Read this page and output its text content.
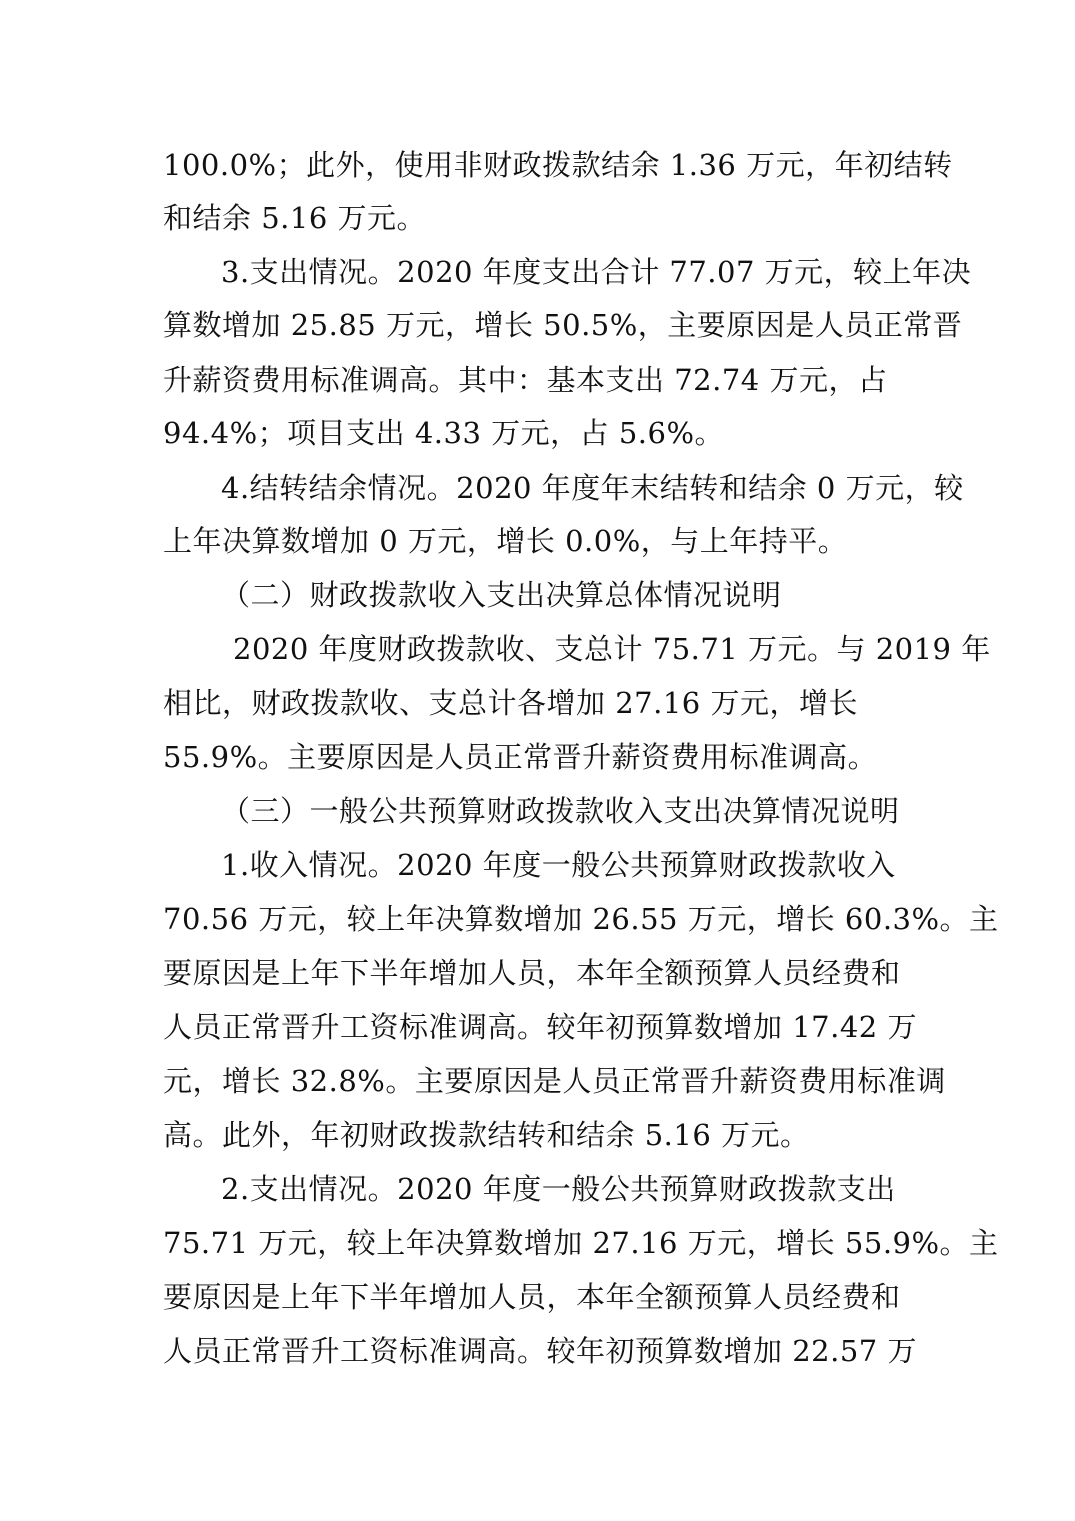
100.0%；此外，使用非财政拨款结余 1.36 万元，年初结转
和结余 5.16 万元。
3.支出情况。2020 年度支出合计 77.07 万元，较上年决
算数增加 25.85 万元，增长 50.5%，主要原因是人员正常晋
升薪资费用标准调高。其中：基本支出 72.74 万元，占
94.4%；项目支出 4.33 万元，占 5.6%。
4.结转结余情况。2020 年度年末结转和结余 0 万元，较
上年决算数增加 0 万元，增长 0.0%，与上年持平。
（二）财政拨款收入支出决算总体情况说明
2020 年度财政拨款收、支总计 75.71 万元。与 2019 年
相比，财政拨款收、支总计各增加 27.16 万元，增长
55.9%。主要原因是人员正常晋升薪资费用标准调高。
（三）一般公共预算财政拨款收入支出决算情况说明
1.收入情况。2020 年度一般公共预算财政拨款收入
70.56 万元，较上年决算数增加 26.55 万元，增长 60.3%。主
要原因是上年下半年增加人员，本年全额预算人员经费和
人员正常晋升工资标准调高。较年初预算数增加 17.42 万
元，增长 32.8%。主要原因是人员正常晋升薪资费用标准调
高。此外，年初财政拨款结转和结余 5.16 万元。
2.支出情况。2020 年度一般公共预算财政拨款支出
75.71 万元，较上年决算数增加 27.16 万元，增长 55.9%。主
要原因是上年下半年增加人员，本年全额预算人员经费和
人员正常晋升工资标准调高。较年初预算数增加 22.57 万
